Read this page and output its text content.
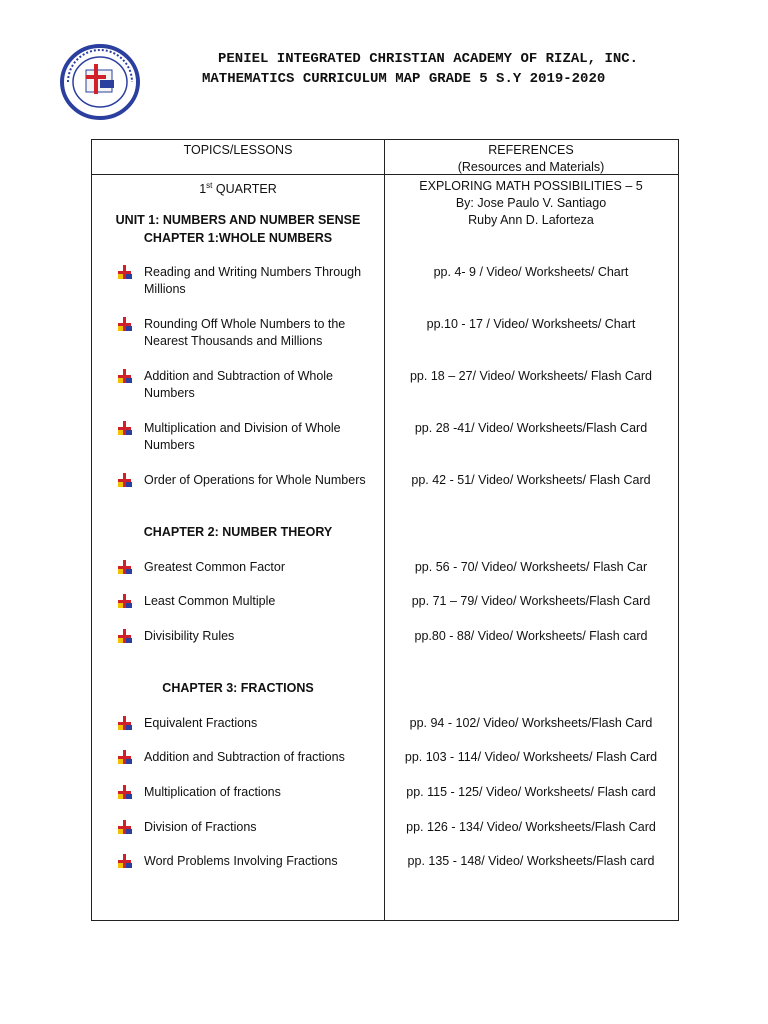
PENIEL INTEGRATED CHRISTIAN ACADEMY OF RIZAL, INC.
MATHEMATICS CURRICULUM MAP GRADE 5 S.Y 2019-2020
TOPICS/LESSONS	REFERENCES
(Resources and Materials)
1st QUARTER
UNIT 1: NUMBERS AND NUMBER SENSE
CHAPTER 1:WHOLE NUMBERS
EXPLORING MATH POSSIBILITIES – 5
By: Jose Paulo V. Santiago
Ruby Ann D. Laforteza
Reading and Writing Numbers Through Millions
pp. 4- 9 / Video/ Worksheets/ Chart
Rounding Off Whole Numbers to the Nearest Thousands and Millions
pp.10 - 17 / Video/ Worksheets/ Chart
Addition and Subtraction of Whole Numbers
pp. 18 – 27/ Video/ Worksheets/ Flash Card
Multiplication and Division of Whole Numbers
pp. 28 -41/ Video/ Worksheets/Flash Card
Order of Operations for Whole Numbers	pp. 42 - 51/ Video/ Worksheets/ Flash Card
CHAPTER 2: NUMBER THEORY
Greatest Common Factor	pp. 56 - 70/ Video/ Worksheets/ Flash Car
Least Common Multiple	pp. 71 – 79/ Video/ Worksheets/Flash Card
Divisibility Rules	pp.80 - 88/ Video/ Worksheets/ Flash card
CHAPTER 3: FRACTIONS
Equivalent Fractions	pp. 94 - 102/ Video/ Worksheets/Flash Card
Addition and Subtraction of fractions	pp. 103 - 114/ Video/ Worksheets/ Flash Card
Multiplication of fractions	pp. 115 - 125/ Video/ Worksheets/ Flash card
Division of Fractions	pp. 126 - 134/ Video/ Worksheets/Flash Card
Word Problems Involving Fractions	pp. 135 - 148/ Video/ Worksheets/Flash card
